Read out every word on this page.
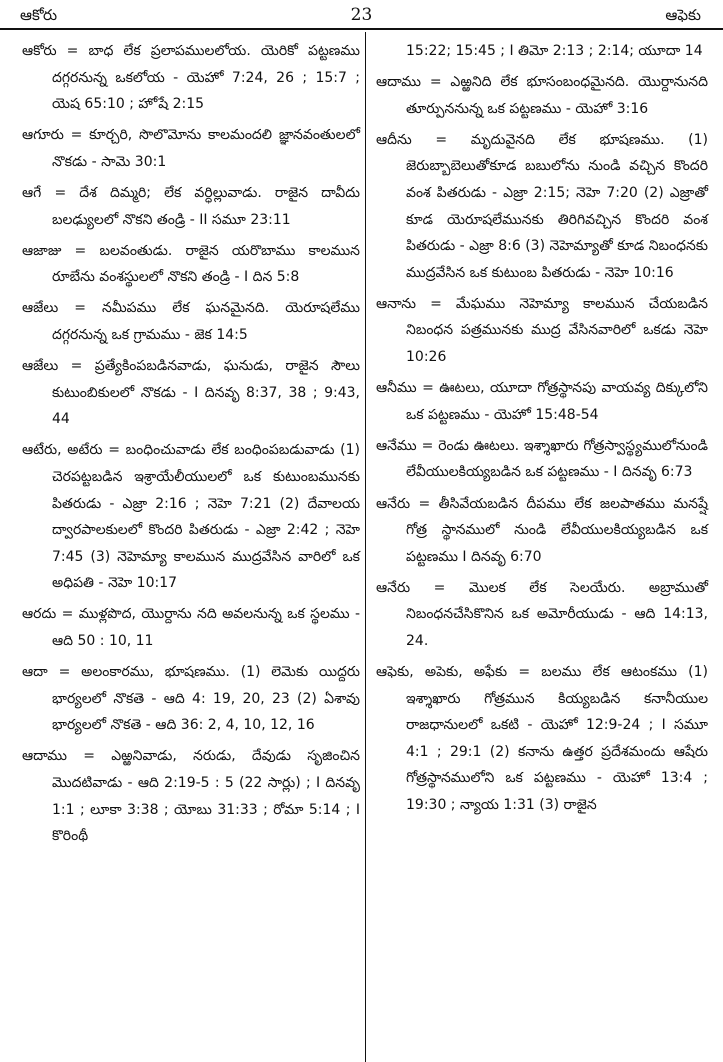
ఆకోరు	23	ఆఫెకు

ఆకోరు = బాధ లేక ప్రలాపములలోయ. యెరికో పట్టణము దగ్గరనున్న ఒకలోయ - యెహో 7:24, 26 ; 15:7 ; యెష 65:10 ; హోషే 2:15

ఆగూరు = కూర్చరి, సొలొమోను కాలమందలి జ్ఞానవంతులలో నొకడు - సామె 30:1

ఆగే = దేశ దిమ్మరి; లేక వర్ధిల్లువాడు. రాజైన దావీదు బలఢ్యులలో నొకని తండ్రి - II సమూ 23:11

ఆజాజు = బలవంతుడు. రాజైన యరొబాము కాలమున రూబేను వంశస్థులలో నొకని తండ్రి - I దిన 5:8

ఆజేలు = నమీపము లేక ఘనమైనది. యెరూషలేము దగ్గరనున్న ఒక గ్రామము - జెక 14:5

ఆజేలు = ప్రత్యేకింపబడినవాడు, ఘనుడు, రాజైన సౌలు కుటుంబికులలో నొకడు - I దినవృ 8:37, 38 ; 9:43, 44

ఆటేరు, అటేరు = బంధించువాడు లేక బంధింపబడువాడు (1) చెరపట్టబడిన ఇశ్రాయేలీయులలో ఒక కుటుంబమునకు పితరుడు - ఎజ్రా 2:16 ; నెహె 7:21 (2) దేవాలయ ద్వారపాలకులలో కొందరి పితరుడు - ఎజ్రా 2:42 ; నెహె 7:45 (3) నెహెమ్యా కాలమున ముద్రవేసిన వారిలో ఒక అధిపతి - నెహె 10:17

ఆరదు = ముళ్లపొద, యొర్దాను నది అవలనున్న ఒక స్థలము - ఆది 50 : 10, 11

ఆదా = అలంకారము, భూషణము. (1) లెమెకు యిద్దరు భార్యలలో నొకతె - ఆది 4: 19, 20, 23 (2) ఏశావు భార్యలలో నొకతె - ఆది 36: 2, 4, 10, 12, 16

ఆదాము = ఎఱ్ఱనివాడు, నరుడు, దేవుడు సృజించిన మొదటివాడు - ఆది 2:19-5 : 5 (22 సార్లు) ; I దినవృ 1:1 ; లూకా 3:38 ; యోబు 31:33 ; రోమా 5:14 ; I కొరింథీ

15:22; 15:45 ; I తిమో 2:13 ; 2:14; యూదా 14

ఆదాము = ఎఱ్ఱనిది లేక భూసంబంధమైనది. యొర్దానునది తూర్పుననున్న ఒక పట్టణము - యెహో 3:16

ఆదీను = మృదువైనది లేక భూషణము. (1) జెరుబ్బాబెలుతోకూడ బబులోను నుండి వచ్చిన కొందరి వంశ పితరుడు - ఎజ్రా 2:15; నెహె 7:20 (2) ఎజ్రాతో కూడ యెరూషలేమునకు తిరిగివచ్చిన కొందరి వంశ పితరుడు - ఎజ్రా 8:6 (3) నెహెమ్యాతో కూడ నిబంధనకు ముద్రవేసిన ఒక కుటుంబ పితరుడు - నెహె 10:16

ఆనాను = మేఘము నెహెమ్యా కాలమున చేయబడిన నిబంధన పత్రమునకు ముద్ర వేసినవారిలో ఒకడు నెహె 10:26

ఆనీము = ఊటలు, యూదా గోత్రస్థానపు వాయవ్య దిక్కులోని ఒక పట్టణము - యెహో 15:48-54

ఆనేము = రెండు ఊటలు. ఇశ్శాఖారు గోత్రస్వాస్థ్యములోనుండి లేవీయులకియ్యబడిన ఒక పట్టణము - I దినవృ 6:73

ఆనేరు = తీసివేయబడిన దీపము లేక జలపాతము మనష్షే గోత్ర స్థానములో నుండి లేవీయులకియ్యబడిన ఒక పట్టణము I దినవృ 6:70

ఆనేరు = మొలక లేక సెలయేరు. అబ్రాముతో నిబంధనచేసికొనిన ఒక అమోరీయుడు - ఆది 14:13, 24.

ఆఫెకు, అపెకు, అఫేకు = బలము లేక ఆటంకము (1) ఇశ్శాఖారు గోత్రమున కియ్యబడిన కనానీయుల రాజధానులలో ఒకటి - యెహో 12:9-24 ; I సమూ 4:1 ; 29:1 (2) కనాను ఉత్తర ప్రదేశమందు ఆషేరు గోత్రస్థానములోని ఒక పట్టణము - యెహో 13:4 ; 19:30 ; న్యాయ 1:31 (3) రాజైన
